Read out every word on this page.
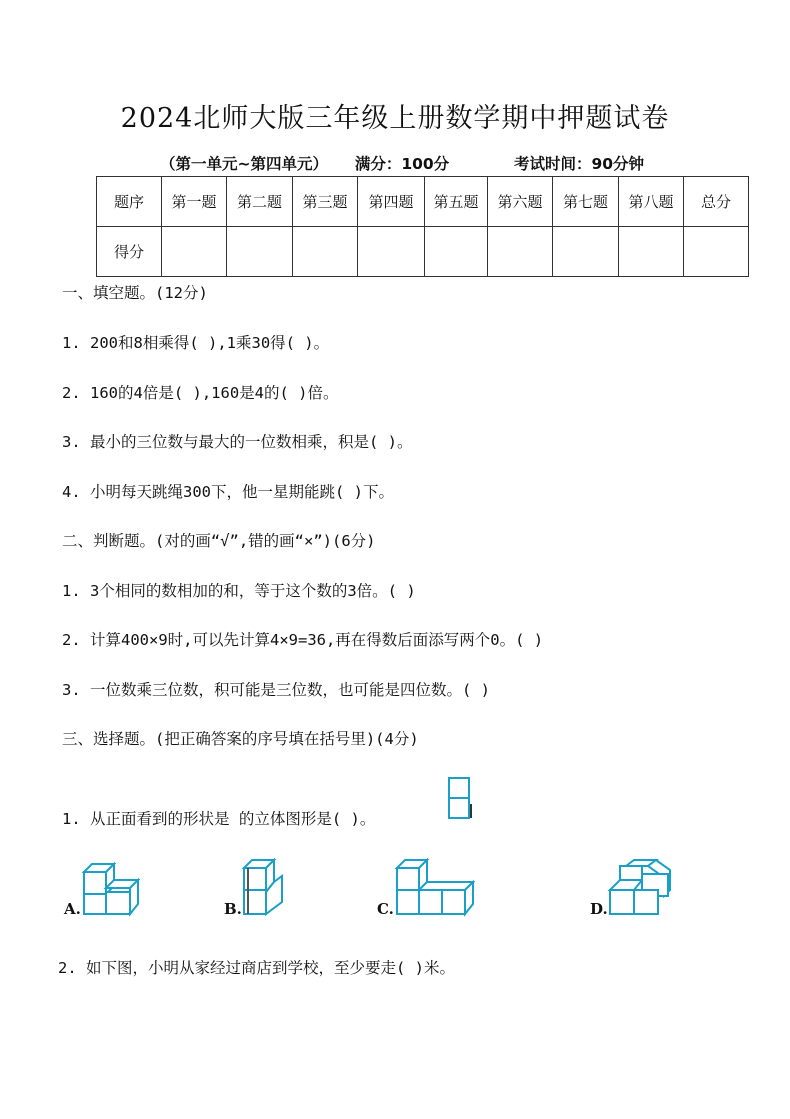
2024北师大版三年级上册数学期中押题试卷
（第一单元~第四单元） 满分：100分	考试时间：90分钟
题序	第一题	第二题	第三题	第四题	第五题	第六题	第七题	第八题	总分
得分									
一、填空题。(12分)
1. 200和8相乘得( ),1乘30得( )。
2. 160的4倍是( ),160是4的( )倍。
3. 最小的三位数与最大的一位数相乘，积是( )。
4. 小明每天跳绳300下，他一星期能跳( )下。
二、判断题。(对的画“√”,错的画“×”)(6分)
1. 3个相同的数相加的和，等于这个数的3倍。( )
2. 计算400×9时,可以先计算4×9=36,再在得数后面添写两个0。( )
3. 一位数乘三位数，积可能是三位数，也可能是四位数。( )
三、选择题。(把正确答案的序号填在括号里)(4分)
1. 从正面看到的形状是 的立体图形是( )。
A.	B.	C.	D.
2. 如下图，小明从家经过商店到学校，至少要走( )米。
